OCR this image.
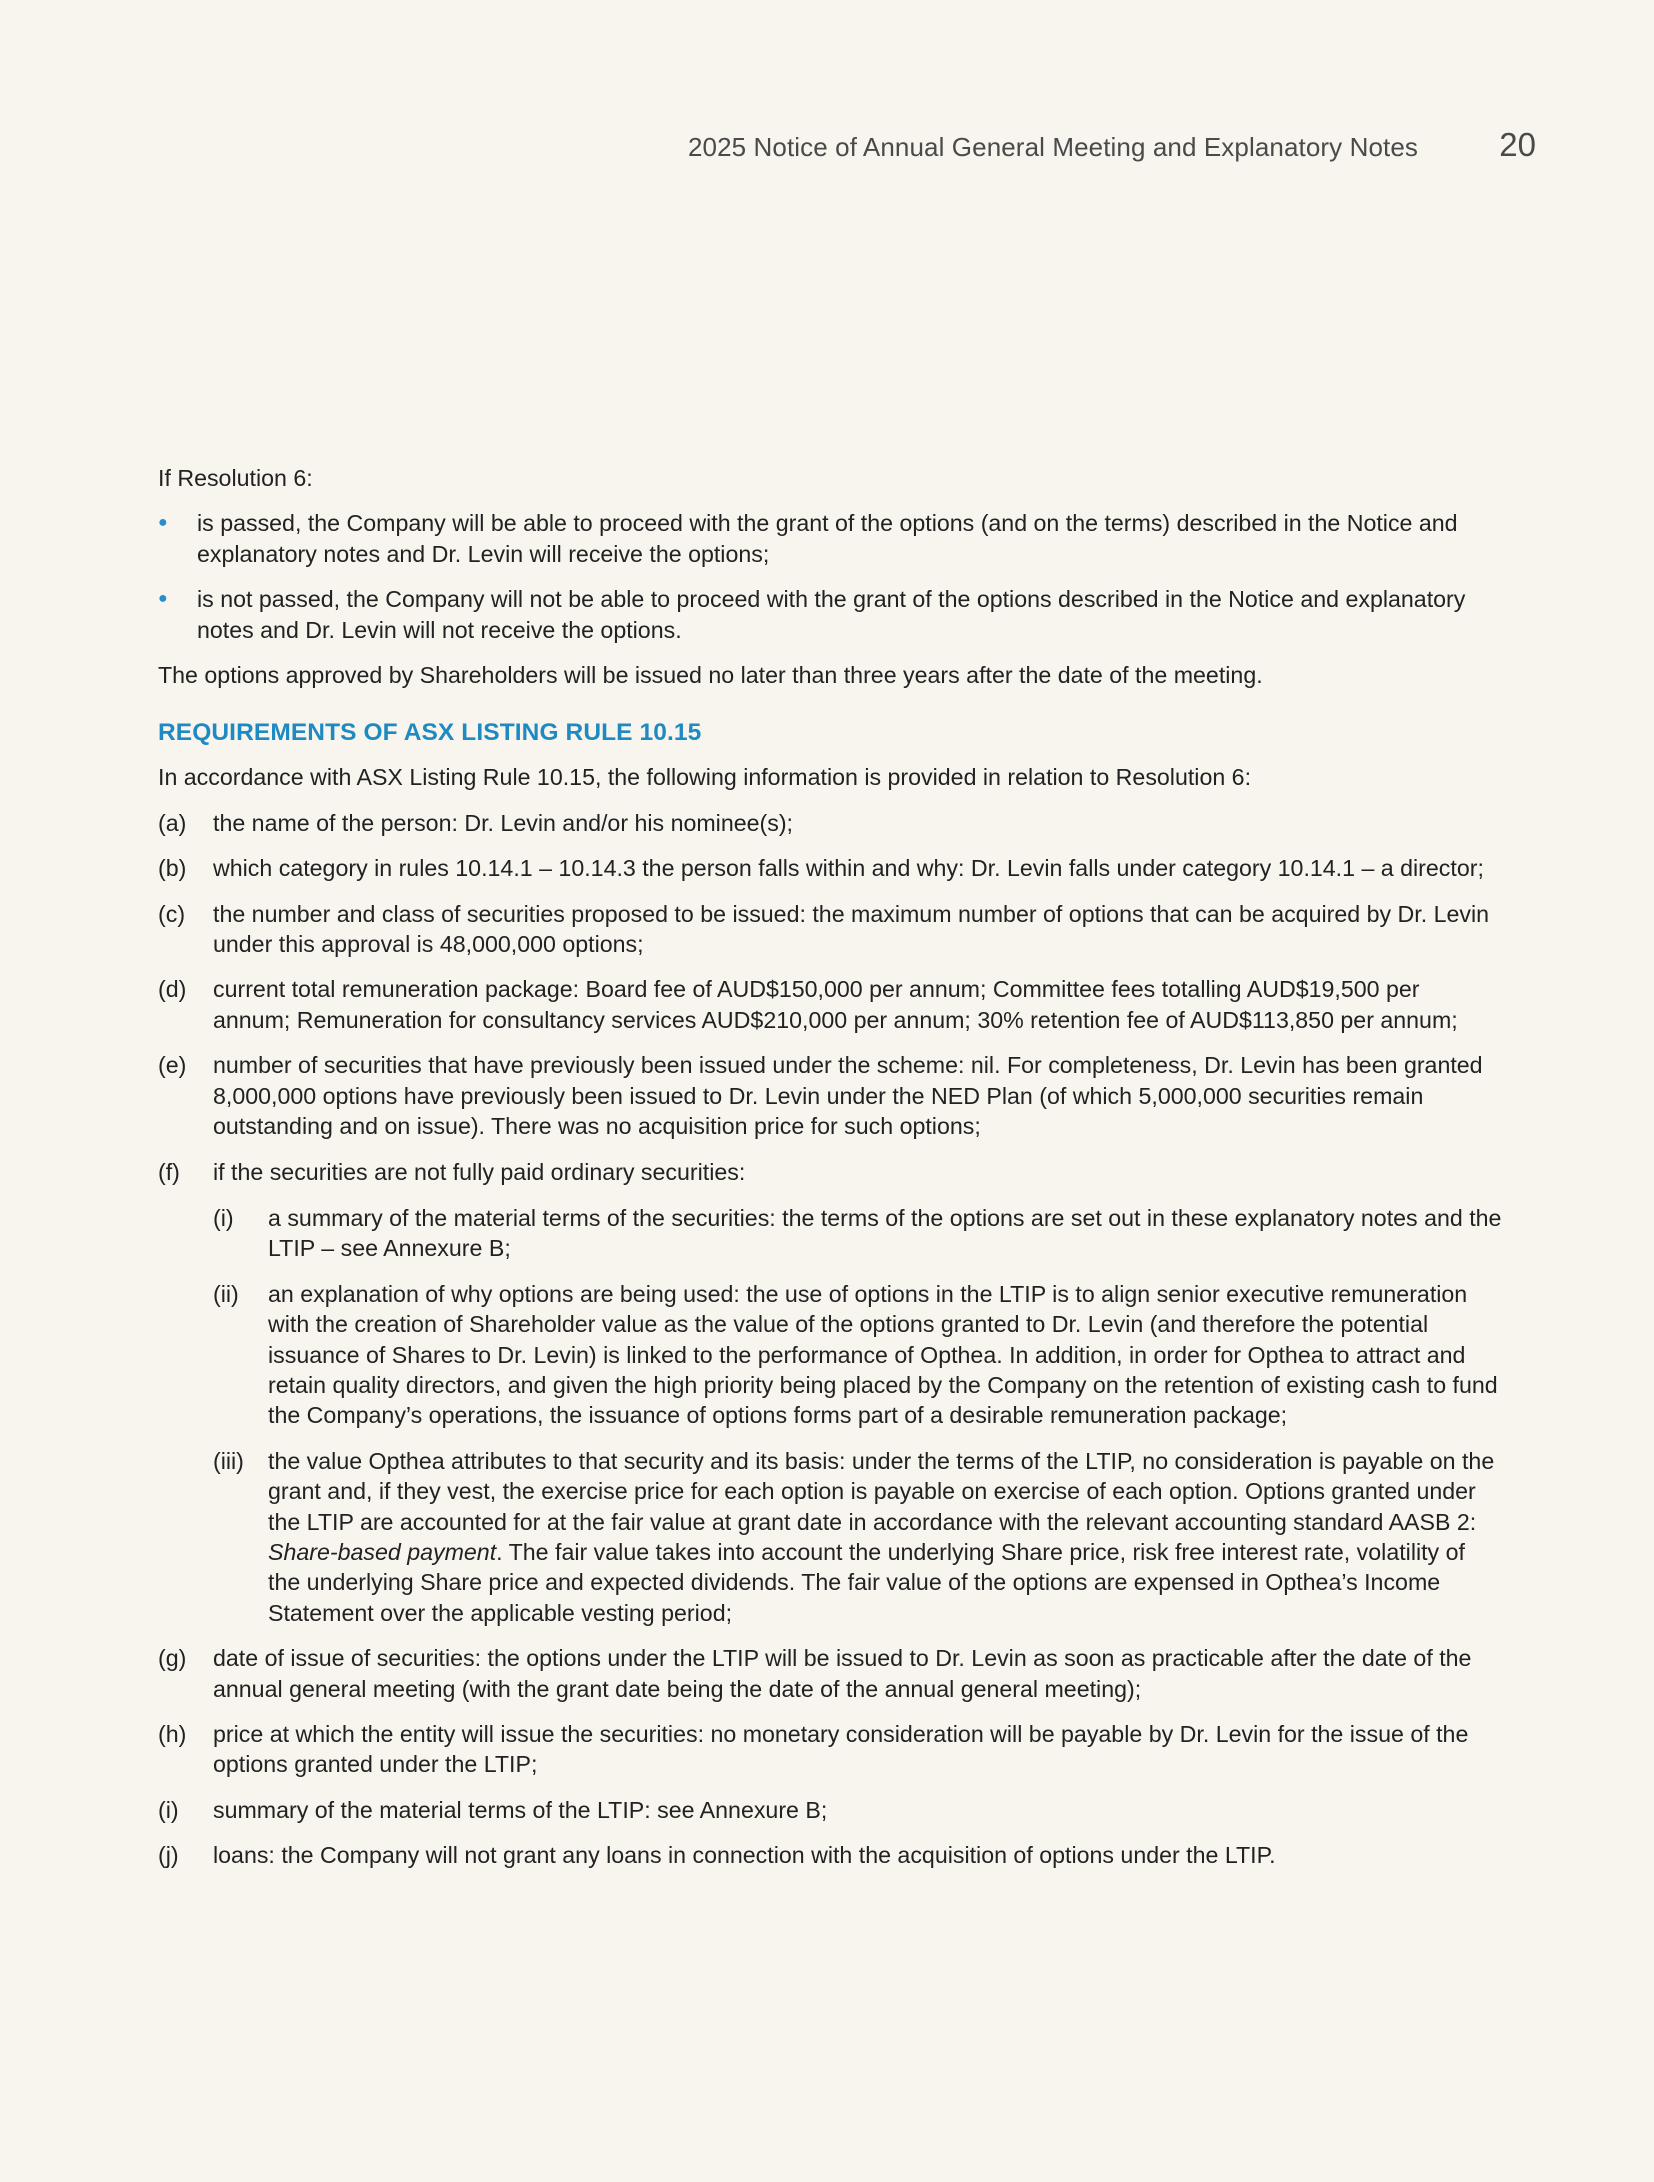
2025 Notice of Annual General Meeting and Explanatory Notes 20

If Resolution 6:

● is passed, the Company will be able to proceed with the grant of the options (and on the terms) described in the Notice and explanatory notes and Dr. Levin will receive the options;
● is not passed, the Company will not be able to proceed with the grant of the options described in the Notice and explanatory notes and Dr. Levin will not receive the options.

The options approved by Shareholders will be issued no later than three years after the date of the meeting.

REQUIREMENTS OF ASX LISTING RULE 10.15

In accordance with ASX Listing Rule 10.15, the following information is provided in relation to Resolution 6:

(a) the name of the person: Dr. Levin and/or his nominee(s);
(b) which category in rules 10.14.1 – 10.14.3 the person falls within and why: Dr. Levin falls under category 10.14.1 – a director;
(c) the number and class of securities proposed to be issued: the maximum number of options that can be acquired by Dr. Levin under this approval is 48,000,000 options;
(d) current total remuneration package: Board fee of AUD$150,000 per annum; Committee fees totalling AUD$19,500 per annum; Remuneration for consultancy services AUD$210,000 per annum; 30% retention fee of AUD$113,850 per annum;
(e) number of securities that have previously been issued under the scheme: nil. For completeness, Dr. Levin has been granted 8,000,000 options have previously been issued to Dr. Levin under the NED Plan (of which 5,000,000 securities remain outstanding and on issue). There was no acquisition price for such options;
(f) if the securities are not fully paid ordinary securities:
(i) a summary of the material terms of the securities: the terms of the options are set out in these explanatory notes and the LTIP – see Annexure B;
(ii) an explanation of why options are being used: the use of options in the LTIP is to align senior executive remuneration with the creation of Shareholder value as the value of the options granted to Dr. Levin (and therefore the potential issuance of Shares to Dr. Levin) is linked to the performance of Opthea. In addition, in order for Opthea to attract and retain quality directors, and given the high priority being placed by the Company on the retention of existing cash to fund the Company’s operations, the issuance of options forms part of a desirable remuneration package;
(iii) the value Opthea attributes to that security and its basis: under the terms of the LTIP, no consideration is payable on the grant and, if they vest, the exercise price for each option is payable on exercise of each option. Options granted under the LTIP are accounted for at the fair value at grant date in accordance with the relevant accounting standard AASB 2: Share-based payment. The fair value takes into account the underlying Share price, risk free interest rate, volatility of the underlying Share price and expected dividends. The fair value of the options are expensed in Opthea’s Income Statement over the applicable vesting period;
(g) date of issue of securities: the options under the LTIP will be issued to Dr. Levin as soon as practicable after the date of the annual general meeting (with the grant date being the date of the annual general meeting);
(h) price at which the entity will issue the securities: no monetary consideration will be payable by Dr. Levin for the issue of the options granted under the LTIP;
(i) summary of the material terms of the LTIP: see Annexure B;
(j) loans: the Company will not grant any loans in connection with the acquisition of options under the LTIP.
